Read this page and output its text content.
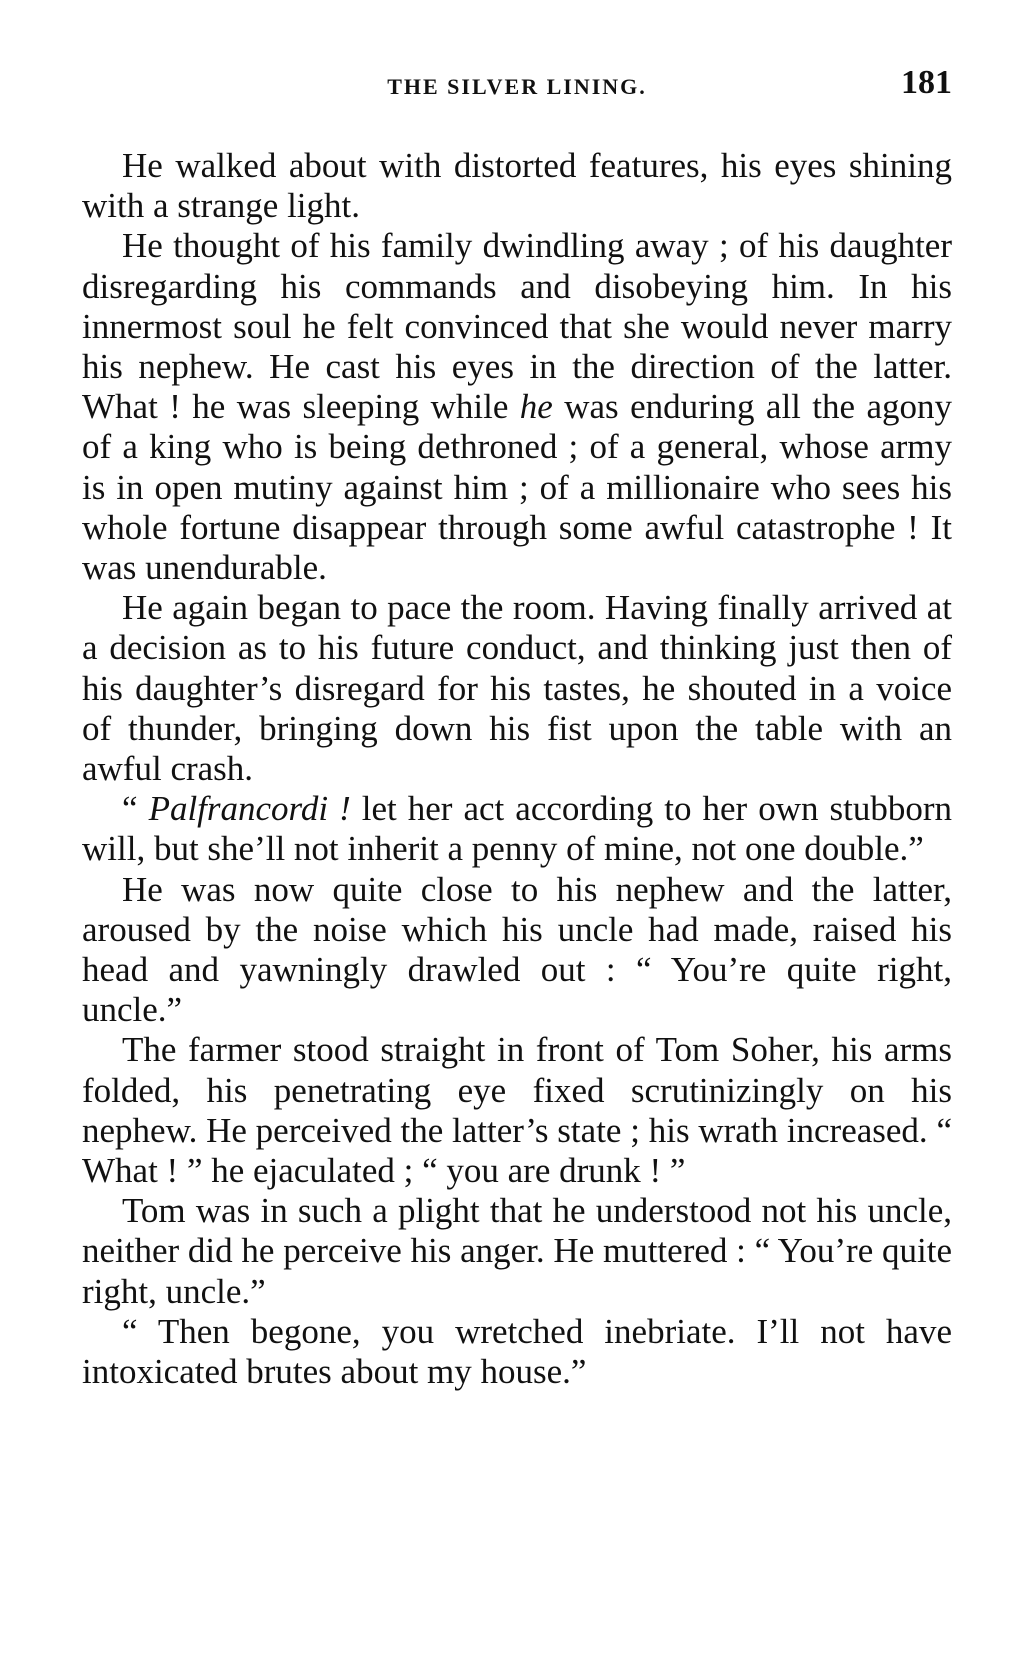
THE SILVER LINING.	181

He walked about with distorted features, his eyes shining with a strange light.

He thought of his family dwindling away ; of his daughter disregarding his commands and disobeying him. In his innermost soul he felt convinced that she would never marry his nephew. He cast his eyes in the direction of the latter. What ! he was sleeping while he was enduring all the agony of a king who is being dethroned ; of a general, whose army is in open mutiny against him ; of a millionaire who sees his whole fortune disappear through some awful catastrophe ! It was unendurable.

He again began to pace the room. Having finally arrived at a decision as to his future conduct, and thinking just then of his daughter’s disregard for his tastes, he shouted in a voice of thunder, bringing down his fist upon the table with an awful crash.

“ Palfrancordi ! let her act according to her own stubborn will, but she’ll not inherit a penny of mine, not one double.”

He was now quite close to his nephew and the latter, aroused by the noise which his uncle had made, raised his head and yawningly drawled out : “ You’re quite right, uncle.”

The farmer stood straight in front of Tom Soher, his arms folded, his penetrating eye fixed scrutinizingly on his nephew. He perceived the latter’s state ; his wrath increased. “ What ! ” he ejaculated ; “ you are drunk ! ”

Tom was in such a plight that he understood not his uncle, neither did he perceive his anger. He muttered : “ You’re quite right, uncle.”

“ Then begone, you wretched inebriate. I’ll not have intoxicated brutes about my house.”
